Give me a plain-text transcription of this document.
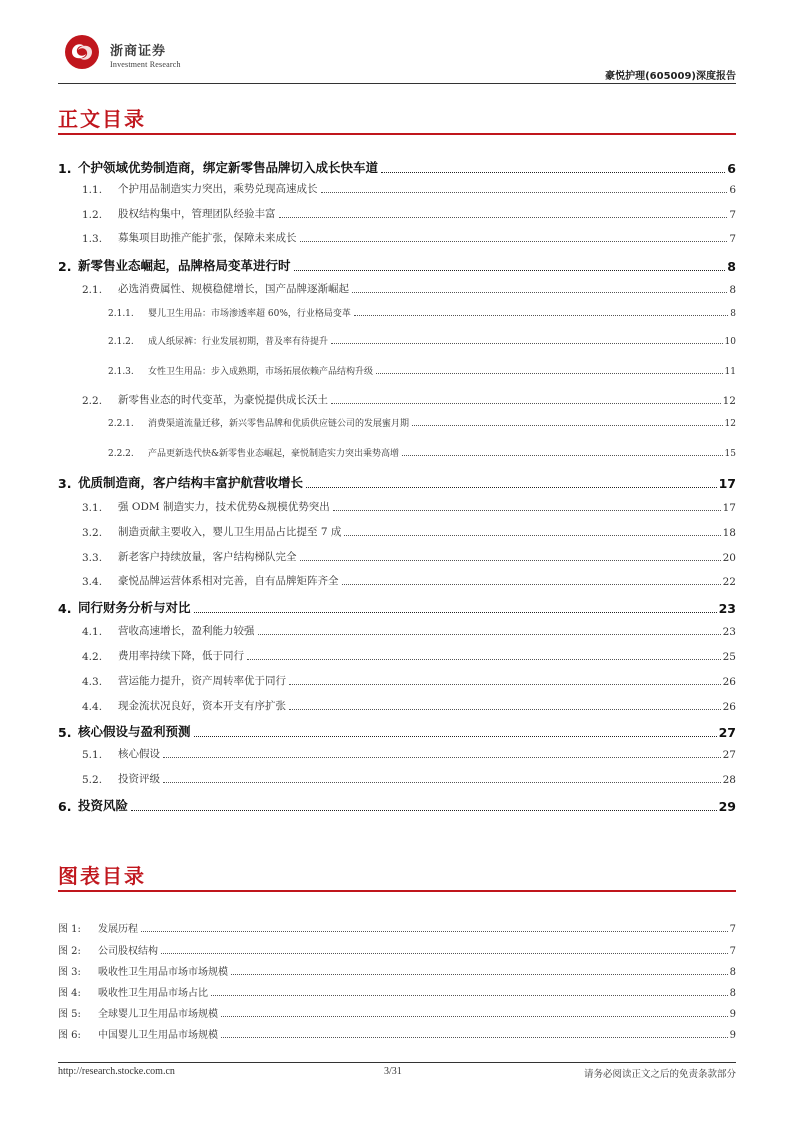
浙商证券
Investment Research
豪悦护理(605009)深度报告
正文目录
1. 个护领域优势制造商，绑定新零售品牌切入成长快车道	6
1.1.	个护用品制造实力突出，乘势兑现高速成长	6
1.2.	股权结构集中，管理团队经验丰富	7
1.3.	募集项目助推产能扩张，保障未来成长	7
2. 新零售业态崛起，品牌格局变革进行时	8
2.1.	必选消费属性、规模稳健增长，国产品牌逐渐崛起	8
2.1.1.	婴儿卫生用品：市场渗透率超 60%，行业格局变革	8
2.1.2.	成人纸尿裤：行业发展初期，普及率有待提升	10
2.1.3.	女性卫生用品：步入成熟期，市场拓展依赖产品结构升级	11
2.2.	新零售业态的时代变革，为豪悦提供成长沃土	12
2.2.1.	消费渠道流量迁移，新兴零售品牌和优质供应链公司的发展蜜月期	12
2.2.2.	产品更新迭代快&新零售业态崛起，豪悦制造实力突出乘势高增	15
3. 优质制造商，客户结构丰富护航营收增长	17
3.1.	强 ODM 制造实力，技术优势&规模优势突出	17
3.2.	制造贡献主要收入，婴儿卫生用品占比提至 7 成	18
3.3.	新老客户持续放量，客户结构梯队完全	20
3.4.	豪悦品牌运营体系相对完善，自有品牌矩阵齐全	22
4. 同行财务分析与对比	23
4.1.	营收高速增长，盈利能力较强	23
4.2.	费用率持续下降，低于同行	25
4.3.	营运能力提升，资产周转率优于同行	26
4.4.	现金流状况良好，资本开支有序扩张	26
5. 核心假设与盈利预测	27
5.1.	核心假设	27
5.2.	投资评级	28
6. 投资风险	29
图表目录
图 1:	发展历程	7
图 2:	公司股权结构	7
图 3:	吸收性卫生用品市场市场规模	8
图 4:	吸收性卫生用品市场占比	8
图 5:	全球婴儿卫生用品市场规模	9
图 6:	中国婴儿卫生用品市场规模	9
http://research.stocke.com.cn	3/31	请务必阅读正文之后的免责条款部分
